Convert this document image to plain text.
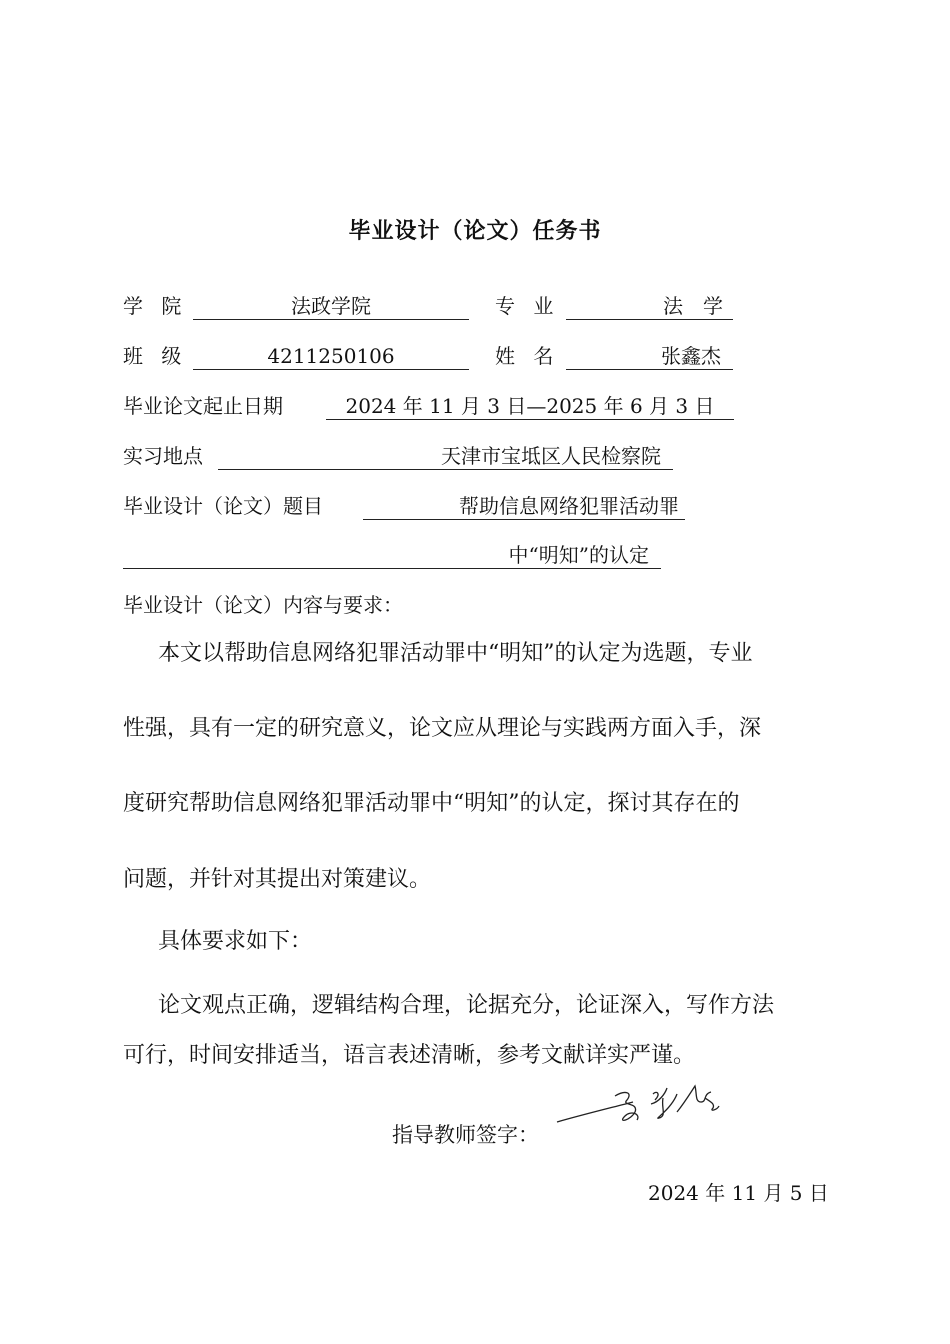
毕业设计（论文）任务书
学 院	法政学院	专 业	法　学
班 级	4211250106	姓 名	张鑫杰
毕业论文起止日期	2024 年 11 月 3 日—2025 年 6 月 3 日
实习地点	天津市宝坻区人民检察院
毕业设计（论文）题目	帮助信息网络犯罪活动罪
中“明知”的认定
毕业设计（论文）内容与要求：
本文以帮助信息网络犯罪活动罪中“明知”的认定为选题，专业
性强，具有一定的研究意义，论文应从理论与实践两方面入手，深
度研究帮助信息网络犯罪活动罪中“明知”的认定，探讨其存在的
问题，并针对其提出对策建议。
具体要求如下：
论文观点正确，逻辑结构合理，论据充分，论证深入，写作方法
可行，时间安排适当，语言表述清晰，参考文献详实严谨。
指导教师签字：
2024 年 11 月 5 日
